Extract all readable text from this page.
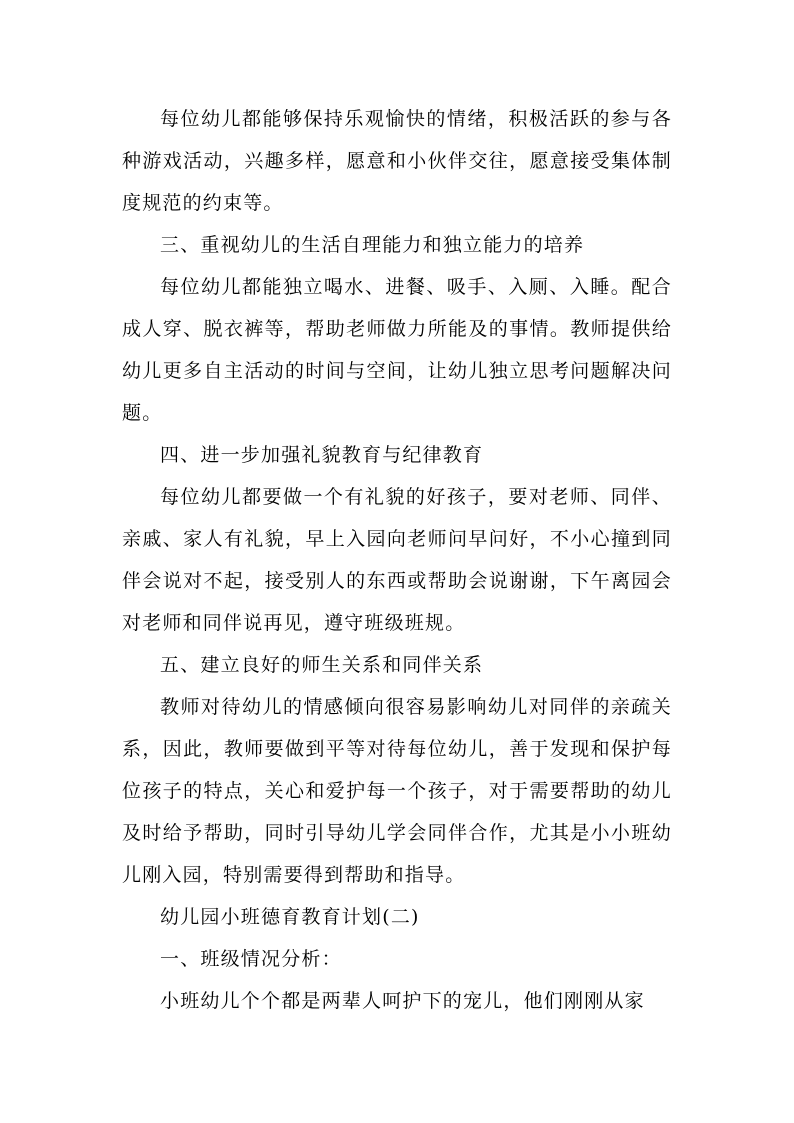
每位幼儿都能够保持乐观愉快的情绪，积极活跃的参与各种游戏活动，兴趣多样，愿意和小伙伴交往，愿意接受集体制度规范的约束等。

三、重视幼儿的生活自理能力和独立能力的培养

每位幼儿都能独立喝水、进餐、吸手、入厕、入睡。配合成人穿、脱衣裤等，帮助老师做力所能及的事情。教师提供给幼儿更多自主活动的时间与空间，让幼儿独立思考问题解决问题。

四、进一步加强礼貌教育与纪律教育

每位幼儿都要做一个有礼貌的好孩子，要对老师、同伴、亲戚、家人有礼貌，早上入园向老师问早问好，不小心撞到同伴会说对不起，接受别人的东西或帮助会说谢谢，下午离园会对老师和同伴说再见，遵守班级班规。

五、建立良好的师生关系和同伴关系

教师对待幼儿的情感倾向很容易影响幼儿对同伴的亲疏关系，因此，教师要做到平等对待每位幼儿，善于发现和保护每位孩子的特点，关心和爱护每一个孩子，对于需要帮助的幼儿及时给予帮助，同时引导幼儿学会同伴合作，尤其是小小班幼儿刚入园，特别需要得到帮助和指导。

幼儿园小班德育教育计划(二)

一、班级情况分析：

小班幼儿个个都是两辈人呵护下的宠儿，他们刚刚从家
